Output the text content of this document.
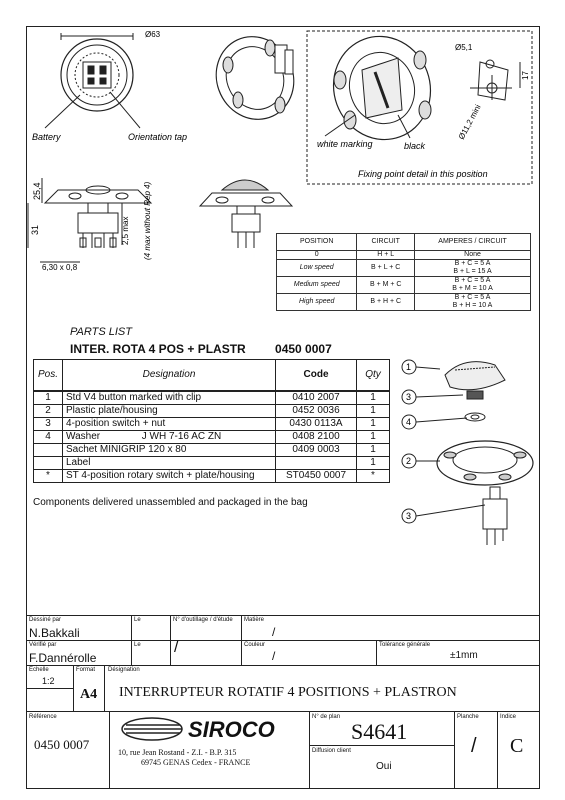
Ø63
Battery	Orientation tap
Ø5,1
17
Ø11,2 mini
white marking	black
Fixing point detail in this position
25,4
31	2,5 max (4 max without Rep 4)
6,30 x 0,8
POSITION	CIRCUIT	AMPERES / CIRCUIT
0	H + L	None
Low speed	B + L + C	B + C = 5 A
B + L = 15 A
Medium speed	B + M + C	B + C = 5 A
B + M = 10 A
High speed	B + H + C	B + C = 5 A
B + H = 10 A
PARTS LIST
INTER. ROTA 4 POS + PLASTR 0450 0007
Pos.	Designation	Code	Qty
1	Std V4 button marked with clip	0410 2007	1
2	Plastic plate/housing	0452 0036	1
3	4-position switch + nut	0430 0113A	1
4	Washer               J WH 7-16 AC ZN	0408 2100	1
	Sachet MINIGRIP 120 x 80	0409 0003	1
	Label		1
*	ST 4-position rotary switch + plate/housing	ST0450 0007	*
Components delivered unassembled and packaged in the bag
1
3
4
2
3
Dessiné par
N.Bakkali
Le	N° d'outillage / d'étude
/
Matière
/
Vérifié par
F.Dannérolle
Le	Couleur
/
Tolérance générale
±1mm
Echelle
1:2
Format
A4
Désignation
INTERRUPTEUR ROTATIF 4 POSITIONS + PLASTRON
Référence
0450 0007
SIROCO
10, rue Jean Rostand - Z.I. - B.P. 315
69745 GENAS Cedex - FRANCE
N° de plan
S4641
Diffusion client
Oui
Planche
/
Indice
C
